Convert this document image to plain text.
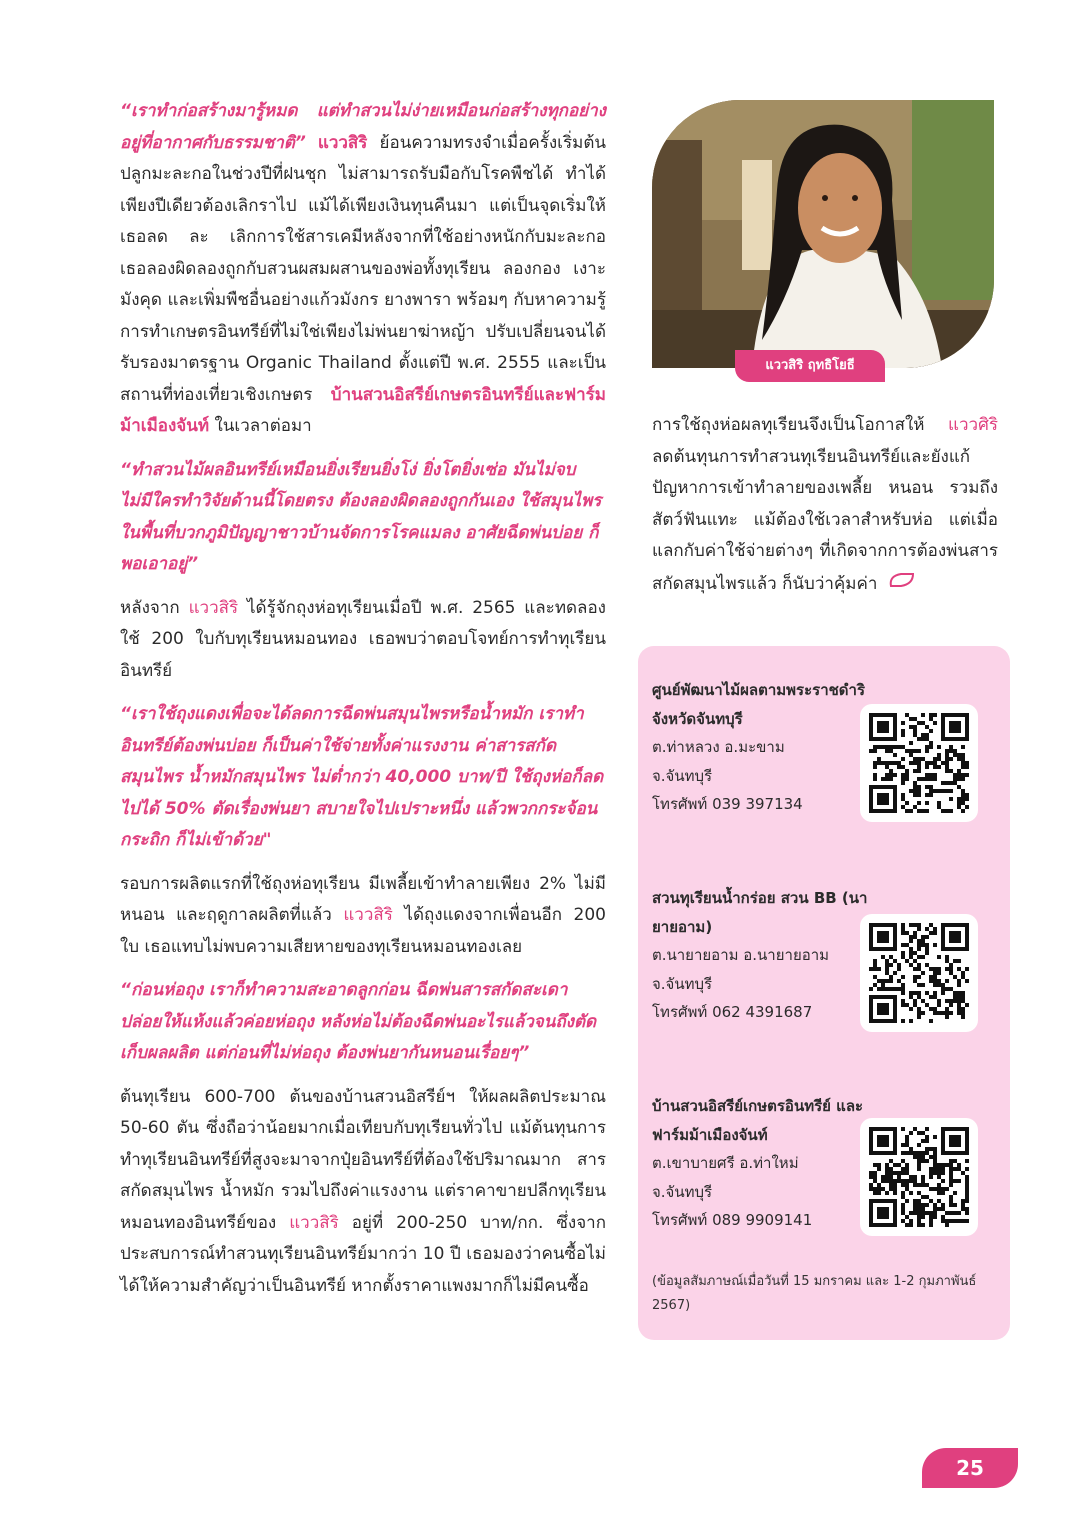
“เราทำก่อสร้างมารู้หมด แต่ทำสวนไม่ง่ายเหมือนก่อสร้างทุกอย่างอยู่ที่อากาศกับธรรมชาติ” แววสิริ ย้อนความทรงจำเมื่อครั้งเริ่มต้นปลูกมะละกอในช่วงปีที่ฝนชุก ไม่สามารถรับมือกับโรคพืชได้ ทำได้เพียงปีเดียวต้องเลิกราไป แม้ได้เพียงเงินทุนคืนมา แต่เป็นจุดเริ่มให้เธอลด ละ เลิกการใช้สารเคมีหลังจากที่ใช้อย่างหนักกับมะละกอ เธอลองผิดลองถูกกับสวนผสมผสานของพ่อทั้งทุเรียน ลองกอง เงาะ มังคุด และเพิ่มพืชอื่นอย่างแก้วมังกร ยางพารา พร้อมๆ กับหาความรู้การทำเกษตรอินทรีย์ที่ไม่ใช่เพียงไม่พ่นยาฆ่าหญ้า ปรับเปลี่ยนจนได้รับรองมาตรฐาน Organic Thailand ตั้งแต่ปี พ.ศ. 2555 และเป็นสถานที่ท่องเที่ยวเชิงเกษตร บ้านสวนอิสรีย์เกษตรอินทรีย์และฟาร์มม้าเมืองจันท์ ในเวลาต่อมา

“ทำสวนไม้ผลอินทรีย์เหมือนยิ่งเรียนยิ่งโง่ ยิ่งโตยิ่งเซ่อ มันไม่จบ ไม่มีใครทำวิจัยด้านนี้โดยตรง ต้องลองผิดลองถูกกันเอง ใช้สมุนไพรในพื้นที่บวกภูมิปัญญาชาวบ้านจัดการโรคแมลง อาศัยฉีดพ่นบ่อย ก็พอเอาอยู่”

หลังจาก แววสิริ ได้รู้จักถุงห่อทุเรียนเมื่อปี พ.ศ. 2565 และทดลองใช้ 200 ใบกับทุเรียนหมอนทอง เธอพบว่าตอบโจทย์การทำทุเรียนอินทรีย์

“เราใช้ถุงแดงเพื่อจะได้ลดการฉีดพ่นสมุนไพรหรือน้ำหมัก เราทำอินทรีย์ต้องพ่นบ่อย ก็เป็นค่าใช้จ่ายทั้งค่าแรงงาน ค่าสารสกัดสมุนไพร น้ำหมักสมุนไพร ไม่ต่ำกว่า 40,000 บาท/ปี ใช้ถุงห่อก็ลดไปได้ 50% ตัดเรื่องพ่นยา สบายใจไปเปราะหนึ่ง แล้วพวกกระจ้อน กระถิก ก็ไม่เข้าด้วย"

รอบการผลิตแรกที่ใช้ถุงห่อทุเรียน มีเพลี้ยเข้าทำลายเพียง 2% ไม่มีหนอน และฤดูกาลผลิตที่แล้ว แววสิริ ได้ถุงแดงจากเพื่อนอีก 200 ใบ เธอแทบไม่พบความเสียหายของทุเรียนหมอนทองเลย

“ก่อนห่อถุง เราก็ทำความสะอาดลูกก่อน ฉีดพ่นสารสกัดสะเดาปล่อยให้แห้งแล้วค่อยห่อถุง หลังห่อไม่ต้องฉีดพ่นอะไรแล้วจนถึงตัดเก็บผลผลิต แต่ก่อนที่ไม่ห่อถุง ต้องพ่นยากันหนอนเรื่อยๆ”

ต้นทุเรียน 600-700 ต้นของบ้านสวนอิสรีย์ฯ ให้ผลผลิตประมาณ 50-60 ตัน ซึ่งถือว่าน้อยมากเมื่อเทียบกับทุเรียนทั่วไป แม้ต้นทุนการทำทุเรียนอินทรีย์ที่สูงจะมาจากปุ๋ยอินทรีย์ที่ต้องใช้ปริมาณมาก สารสกัดสมุนไพร น้ำหมัก รวมไปถึงค่าแรงงาน แต่ราคาขายปลีกทุเรียนหมอนทองอินทรีย์ของ แววสิริ อยู่ที่ 200-250 บาท/กก. ซึ่งจากประสบการณ์ทำสวนทุเรียนอินทรีย์มากว่า 10 ปี เธอมองว่าคนซื้อไม่ได้ให้ความสำคัญว่าเป็นอินทรีย์ หากตั้งราคาแพงมากก็ไม่มีคนซื้อ

แววสิริ ฤทธิโยธี

การใช้ถุงห่อผลทุเรียนจึงเป็นโอกาสให้ แววศิริ ลดต้นทุนการทำสวนทุเรียนอินทรีย์และยังแก้ปัญหาการเข้าทำลายของเพลี้ย หนอน รวมถึงสัตว์ฟันแทะ แม้ต้องใช้เวลาสำหรับห่อ แต่เมื่อแลกกับค่าใช้จ่ายต่างๆ ที่เกิดจากการต้องพ่นสารสกัดสมุนไพรแล้ว ก็นับว่าคุ้มค่า

ศูนย์พัฒนาไม้ผลตามพระราชดำริ จังหวัดจันทบุรี
ต.ท่าหลวง อ.มะขาม
จ.จันทบุรี
โทรศัพท์ 039 397134
สวนทุเรียนน้ำกร่อย สวน BB (นายายอาม)
ต.นายายอาม อ.นายายอาม
จ.จันทบุรี
โทรศัพท์ 062 4391687
บ้านสวนอิสรีย์เกษตรอินทรีย์ และฟาร์มม้าเมืองจันท์
ต.เขาบายศรี อ.ท่าใหม่
จ.จันทบุรี
โทรศัพท์ 089 9909141
(ข้อมูลสัมภาษณ์เมื่อวันที่ 15 มกราคม และ 1-2 กุมภาพันธ์ 2567)
25
